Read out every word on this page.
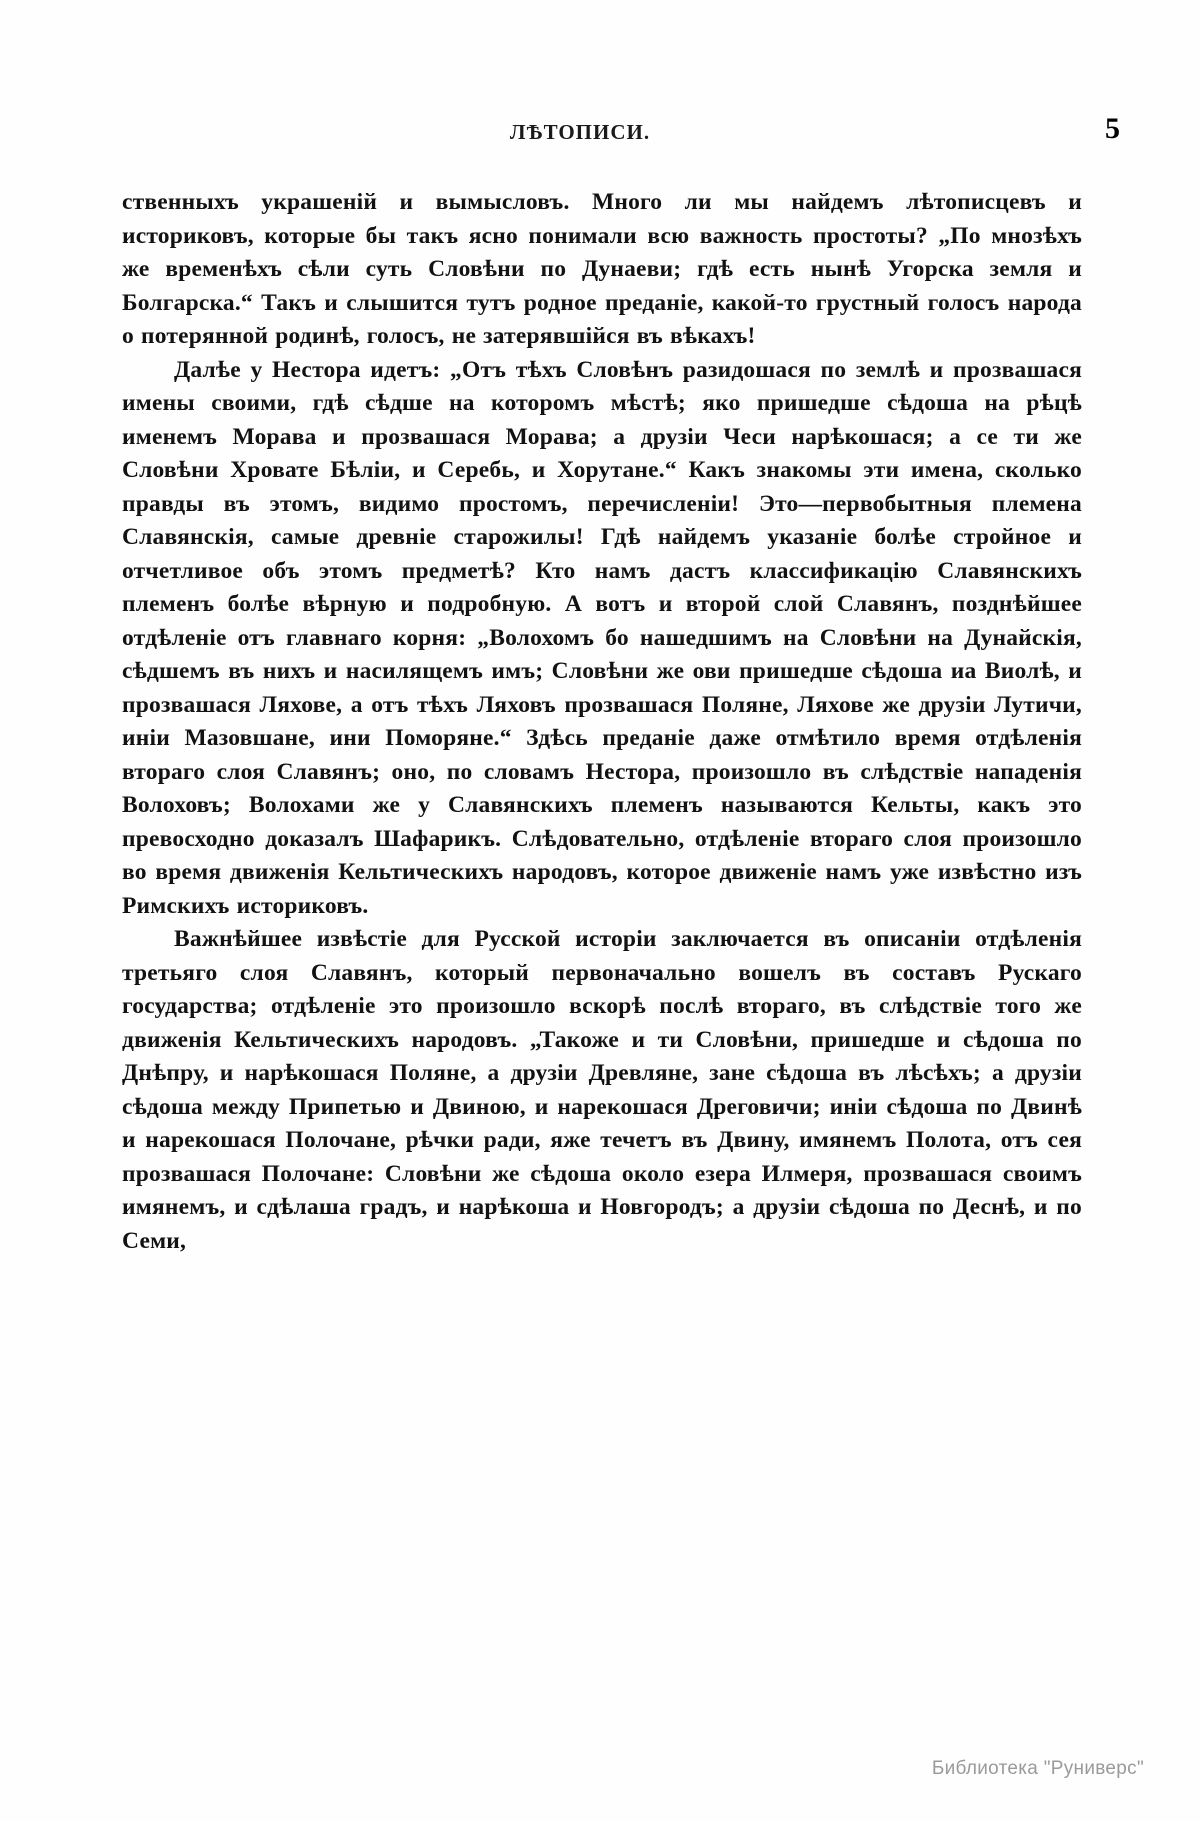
ЛѢТОПИСИ.	5

ственныхъ украшеній и вымысловъ. Много ли мы найдемъ лѣтописцевъ и историковъ, которые бы такъ ясно понимали всю важность простоты? „По мнозѣхъ же временѣхъ сѣли суть Словѣни по Дунаеви; гдѣ есть нынѣ Угорска земля и Болгарска.“ Такъ и слышится тутъ родное преданіе, какой-то грустный голосъ народа о потерянной родинѣ, голосъ, не затерявшійся въ вѣкахъ!

Далѣе у Нестора идетъ: „Отъ тѣхъ Словѣнъ разидошася по землѣ и прозвашася имены своими, гдѣ сѣдше на которомъ мѣстѣ; яко пришедше сѣдоша на рѣцѣ именемъ Морава и прозвашася Морава; а друзіи Чеси нарѣкошася; а се ти же Словѣни Хровате Бѣліи, и Серебь, и Хорутане.“ Какъ знакомы эти имена, сколько правды въ этомъ, видимо простомъ, перечисленіи! Это—первобытныя племена Славянскія, самые древніе старожилы! Гдѣ найдемъ указаніе болѣе стройное и отчетливое объ этомъ предметѣ? Кто намъ дастъ классификацію Славянскихъ племенъ болѣе вѣрную и подробную. А вотъ и второй слой Славянъ, позднѣйшее отдѣленіе отъ главнаго корня: „Волохомъ бо нашедшимъ на Словѣни на Дунайскія, сѣдшемъ въ нихъ и насилящемъ имъ; Словѣни же ови пришедше сѣдоша иа Виолѣ, и прозвашася Ляхове, а отъ тѣхъ Ляховъ прозвашася Поляне, Ляхове же друзіи Лутичи, иніи Мазовшане, ини Поморяне.“ Здѣсь преданіе даже отмѣтило время отдѣленія втораго слоя Славянъ; оно, по словамъ Нестора, произошло въ слѣдствіе нападенія Волоховъ; Волохами же у Славянскихъ племенъ называются Кельты, какъ это превосходно доказалъ Шафарикъ. Слѣдовательно, отдѣленіе втораго слоя произошло во время движенія Кельтическихъ народовъ, которое движеніе намъ уже извѣстно изъ Римскихъ историковъ.

Важнѣйшее извѣстіе для Русской исторіи заключается въ описаніи отдѣленія третьяго слоя Славянъ, который первоначально вошелъ въ составъ Рускаго государства; отдѣленіе это произошло вскорѣ послѣ втораго, въ слѣдствіе того же движенія Кельтическихъ народовъ. „Такоже и ти Словѣни, пришедше и сѣдоша по Днѣпру, и нарѣкошася Поляне, а друзіи Древляне, зане сѣдоша въ лѣсѣхъ; а друзіи сѣдоша между Припетью и Двиною, и нарекошася Дреговичи; иніи сѣдоша по Двинѣ и нарекошася Полочане, рѣчки ради, яже течетъ въ Двину, имянемъ Полота, отъ сея прозвашася Полочане: Словѣни же сѣдоша около езера Илмеря, прозвашася своимъ имянемъ, и сдѣлаша градъ, и нарѣкоша и Новгородъ; а друзіи сѣдоша по Деснѣ, и по Семи,

Библиотека "Руниверс"
